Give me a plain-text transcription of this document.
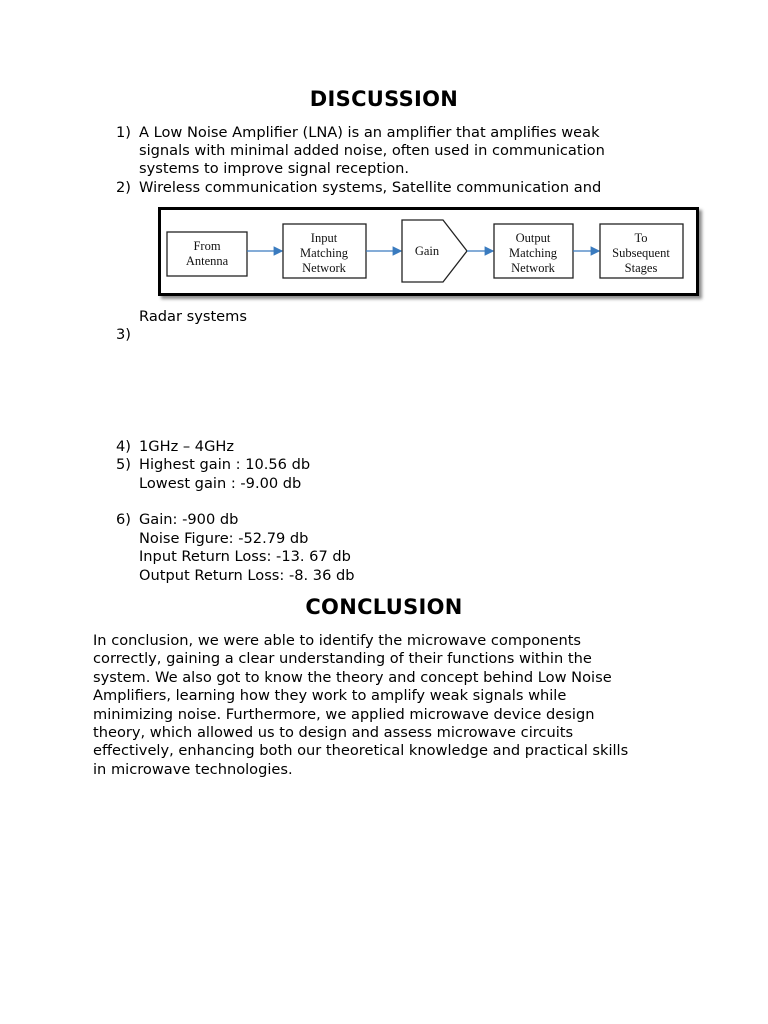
DISCUSSION
1) A Low Noise Amplifier (LNA) is an amplifier that amplifies weak
signals with minimal added noise, often used in communication
systems to improve signal reception.
2) Wireless communication systems, Satellite communication and
From
Antenna
Input
Matching
Network
Gain
Output
Matching
Network
To
Subsequent
Stages
Radar systems
3)
4) 1GHz – 4GHz
5) Highest gain : 10.56 db
Lowest gain : -9.00 db
6) Gain: -900 db
Noise Figure: -52.79 db
Input Return Loss: -13. 67 db
Output Return Loss: -8. 36 db
CONCLUSION
In conclusion, we were able to identify the microwave components
correctly, gaining a clear understanding of their functions within the
system. We also got to know the theory and concept behind Low Noise
Amplifiers, learning how they work to amplify weak signals while
minimizing noise. Furthermore, we applied microwave device design
theory, which allowed us to design and assess microwave circuits
effectively, enhancing both our theoretical knowledge and practical skills
in microwave technologies.
